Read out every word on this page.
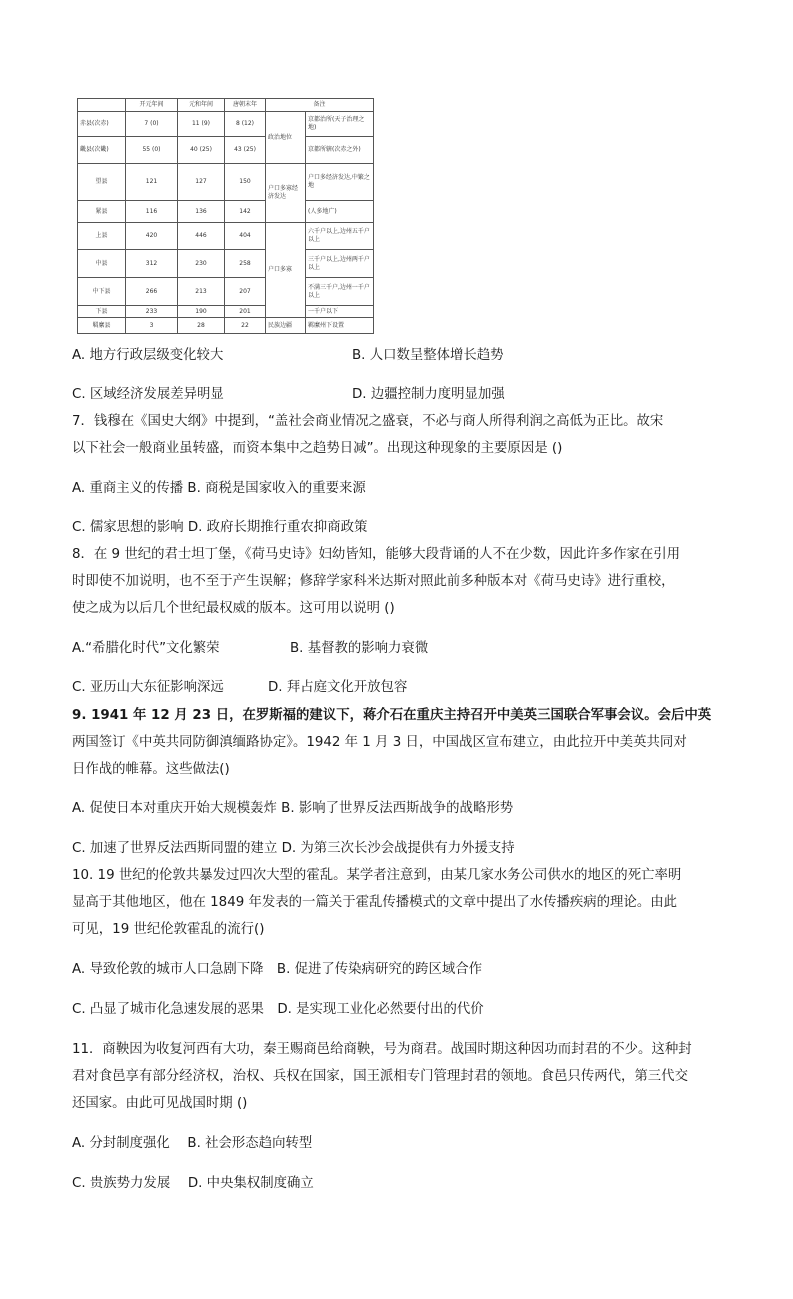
	开元年间	元和年间	唐朝末年	备注	
赤县(次赤)	7 (0)	11 (9)	8 (12)	政治地位	京都治所(天子治理之地)
畿县(次畿)	55 (0)	40 (25)	43 (25)		京都所辖(次赤之外)
望县	121	127	150	户口多寡经济发达	户口多经济发达,中繁之地
紧县	116	136	142		(人多地广)
上县	420	446	404	户口多寡	六千户以上,边州五千户以上
中县	312	230	258		三千户以上,边州两千户以上
中下县	266	213	207		不满三千户,边州一千户以上
下县	233	190	201		一千户以下
羁縻县	3	28	22	民族边疆	羁縻州下设置
A. 地方行政层级变化较大	B. 人口数呈整体增长趋势
C. 区域经济发展差异明显	D. 边疆控制力度明显加强
7．钱穆在《国史大纲》中提到，“盖社会商业情况之盛衰，不必与商人所得利润之高低为正比。故宋
以下社会一般商业虽转盛，而资本集中之趋势日减”。出现这种现象的主要原因是 ()
A. 重商主义的传播 B. 商税是国家收入的重要来源
C. 儒家思想的影响 D. 政府长期推行重农抑商政策
8．在 9 世纪的君士坦丁堡，《荷马史诗》妇幼皆知，能够大段背诵的人不在少数，因此许多作家在引用
时即使不加说明，也不至于产生误解；修辞学家科米达斯对照此前多种版本对《荷马史诗》进行重校，
使之成为以后几个世纪最权威的版本。这可用以说明 ()
A.“希腊化时代”文化繁荣	B. 基督教的影响力衰微
C. 亚历山大东征影响深远	D. 拜占庭文化开放包容
9. 1941 年 12 月 23 日，在罗斯福的建议下，蒋介石在重庆主持召开中美英三国联合军事会议。会后中英
两国签订《中英共同防御滇缅路协定》。1942 年 1 月 3 日，中国战区宣布建立，由此拉开中美英共同对
日作战的帷幕。这些做法()
A. 促使日本对重庆开始大规模轰炸 B. 影响了世界反法西斯战争的战略形势
C. 加速了世界反法西斯同盟的建立 D. 为第三次长沙会战提供有力外援支持
10. 19 世纪的伦敦共暴发过四次大型的霍乱。某学者注意到，由某几家水务公司供水的地区的死亡率明
显高于其他地区，他在 1849 年发表的一篇关于霍乱传播模式的文章中提出了水传播疾病的理论。由此
可见，19 世纪伦敦霍乱的流行()
A. 导致伦敦的城市人口急剧下降　B. 促进了传染病研究的跨区域合作
C. 凸显了城市化急速发展的恶果　D. 是实现工业化必然要付出的代价
11．商鞅因为收复河西有大功，秦王赐商邑给商鞅，号为商君。战国时期这种因功而封君的不少。这种封
君对食邑享有部分经济权，治权、兵权在国家，国王派相专门管理封君的领地。食邑只传两代，第三代交
还国家。由此可见战国时期 ()
A. 分封制度强化　 B. 社会形态趋向转型
C. 贵族势力发展　 D. 中央集权制度确立
